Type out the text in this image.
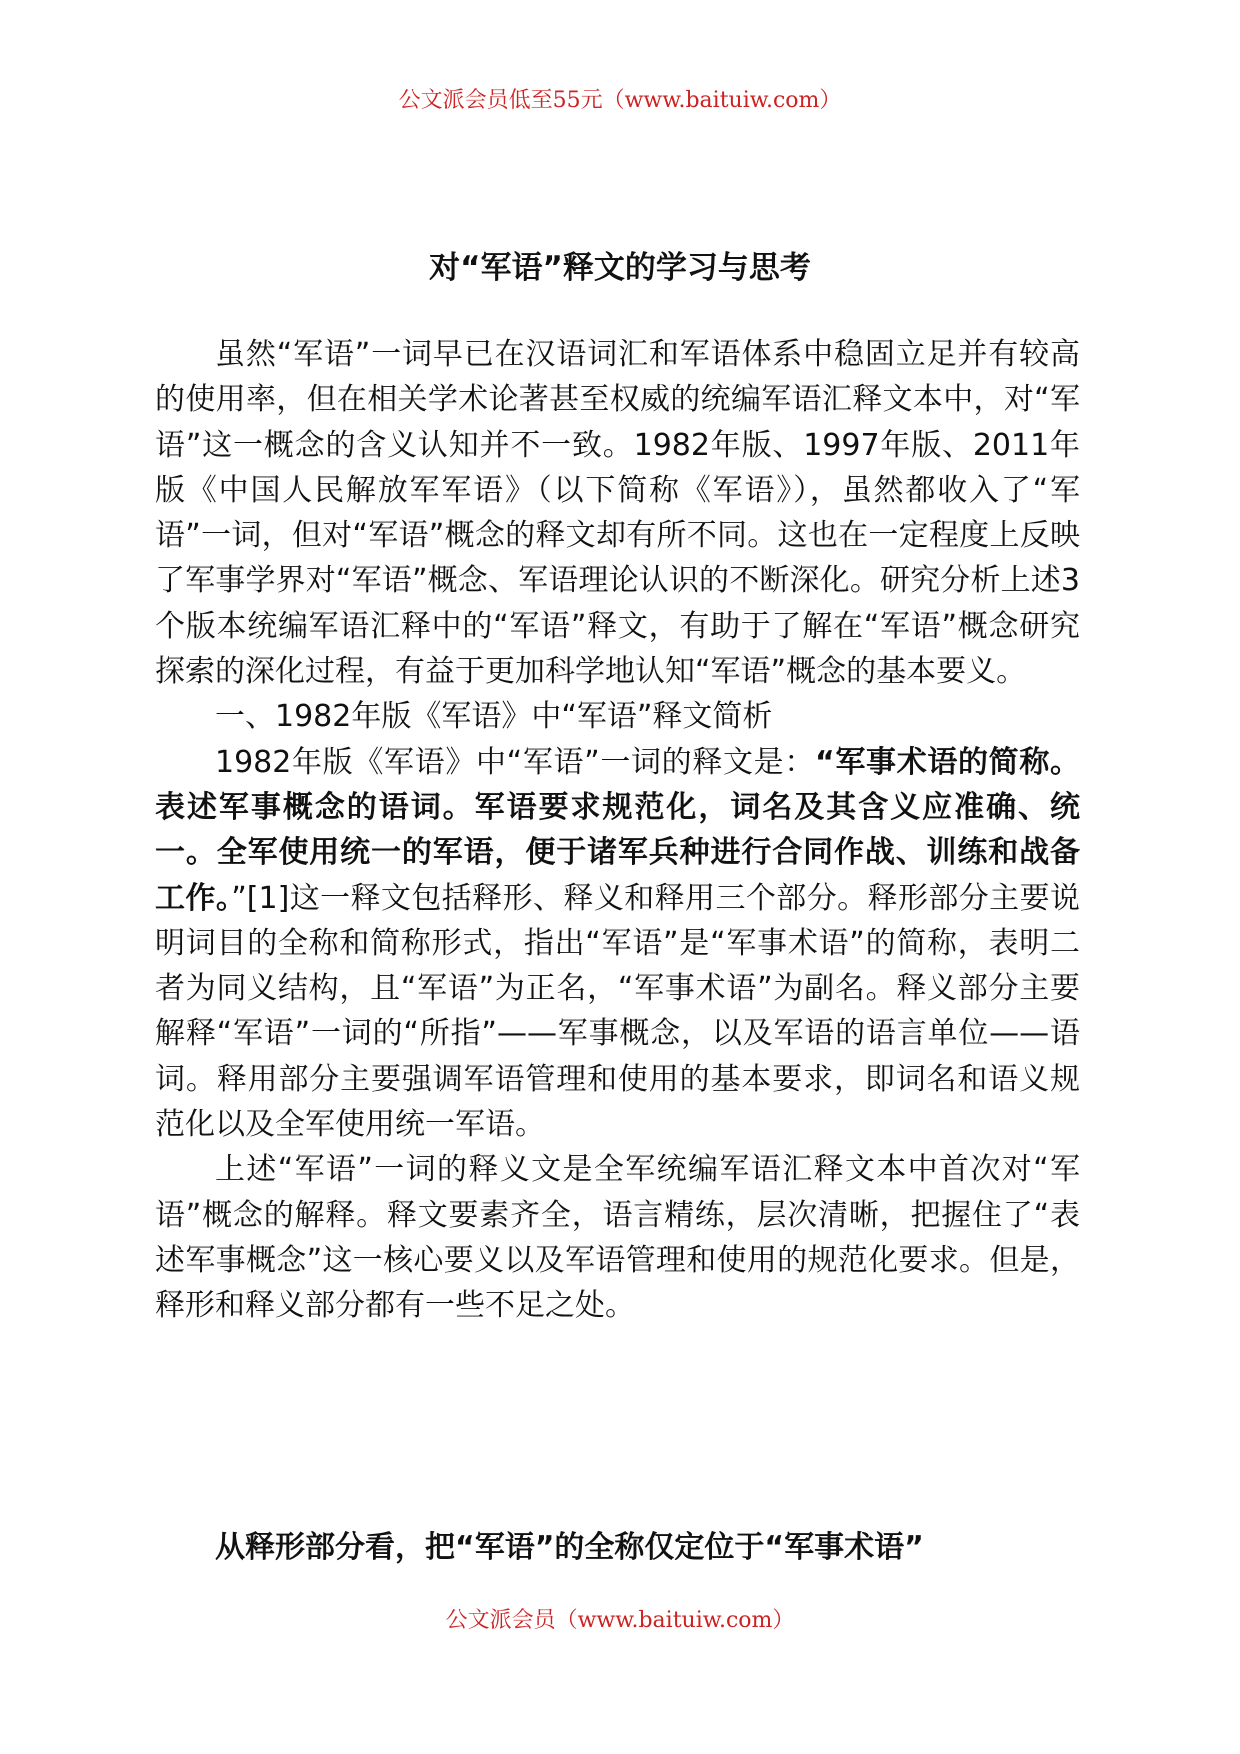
公文派会员低至55元（www.baituiw.com）
对“军语”释文的学习与思考

虽然“军语”一词早已在汉语词汇和军语体系中稳固立足并有较高的使用率，但在相关学术论著甚至权威的统编军语汇释文本中，对“军语”这一概念的含义认知并不一致。1982年版、1997年版、2011年版《中国人民解放军军语》（以下简称《军语》），虽然都收入了“军语”一词，但对“军语”概念的释文却有所不同。这也在一定程度上反映了军事学界对“军语”概念、军语理论认识的不断深化。研究分析上述3个版本统编军语汇释中的“军语”释文，有助于了解在“军语”概念研究探索的深化过程，有益于更加科学地认知“军语”概念的基本要义。

一、1982年版《军语》中“军语”释文简析

1982年版《军语》中“军语”一词的释文是：“军事术语的简称。表述军事概念的语词。军语要求规范化，词名及其含义应准确、统一。全军使用统一的军语，便于诸军兵种进行合同作战、训练和战备工作。”[1]这一释文包括释形、释义和释用三个部分。释形部分主要说明词目的全称和简称形式，指出“军语”是“军事术语”的简称，表明二者为同义结构，且“军语”为正名，“军事术语”为副名。释义部分主要解释“军语”一词的“所指”——军事概念，以及军语的语言单位——语词。释用部分主要强调军语管理和使用的基本要求，即词名和语义规范化以及全军使用统一军语。

上述“军语”一词的释义文是全军统编军语汇释文本中首次对“军语”概念的解释。释文要素齐全，语言精练，层次清晰，把握住了“表述军事概念”这一核心要义以及军语管理和使用的规范化要求。但是，释形和释义部分都有一些不足之处。

从释形部分看，把“军语”的全称仅定位于“军事术语”

公文派会员（www.baituiw.com）
